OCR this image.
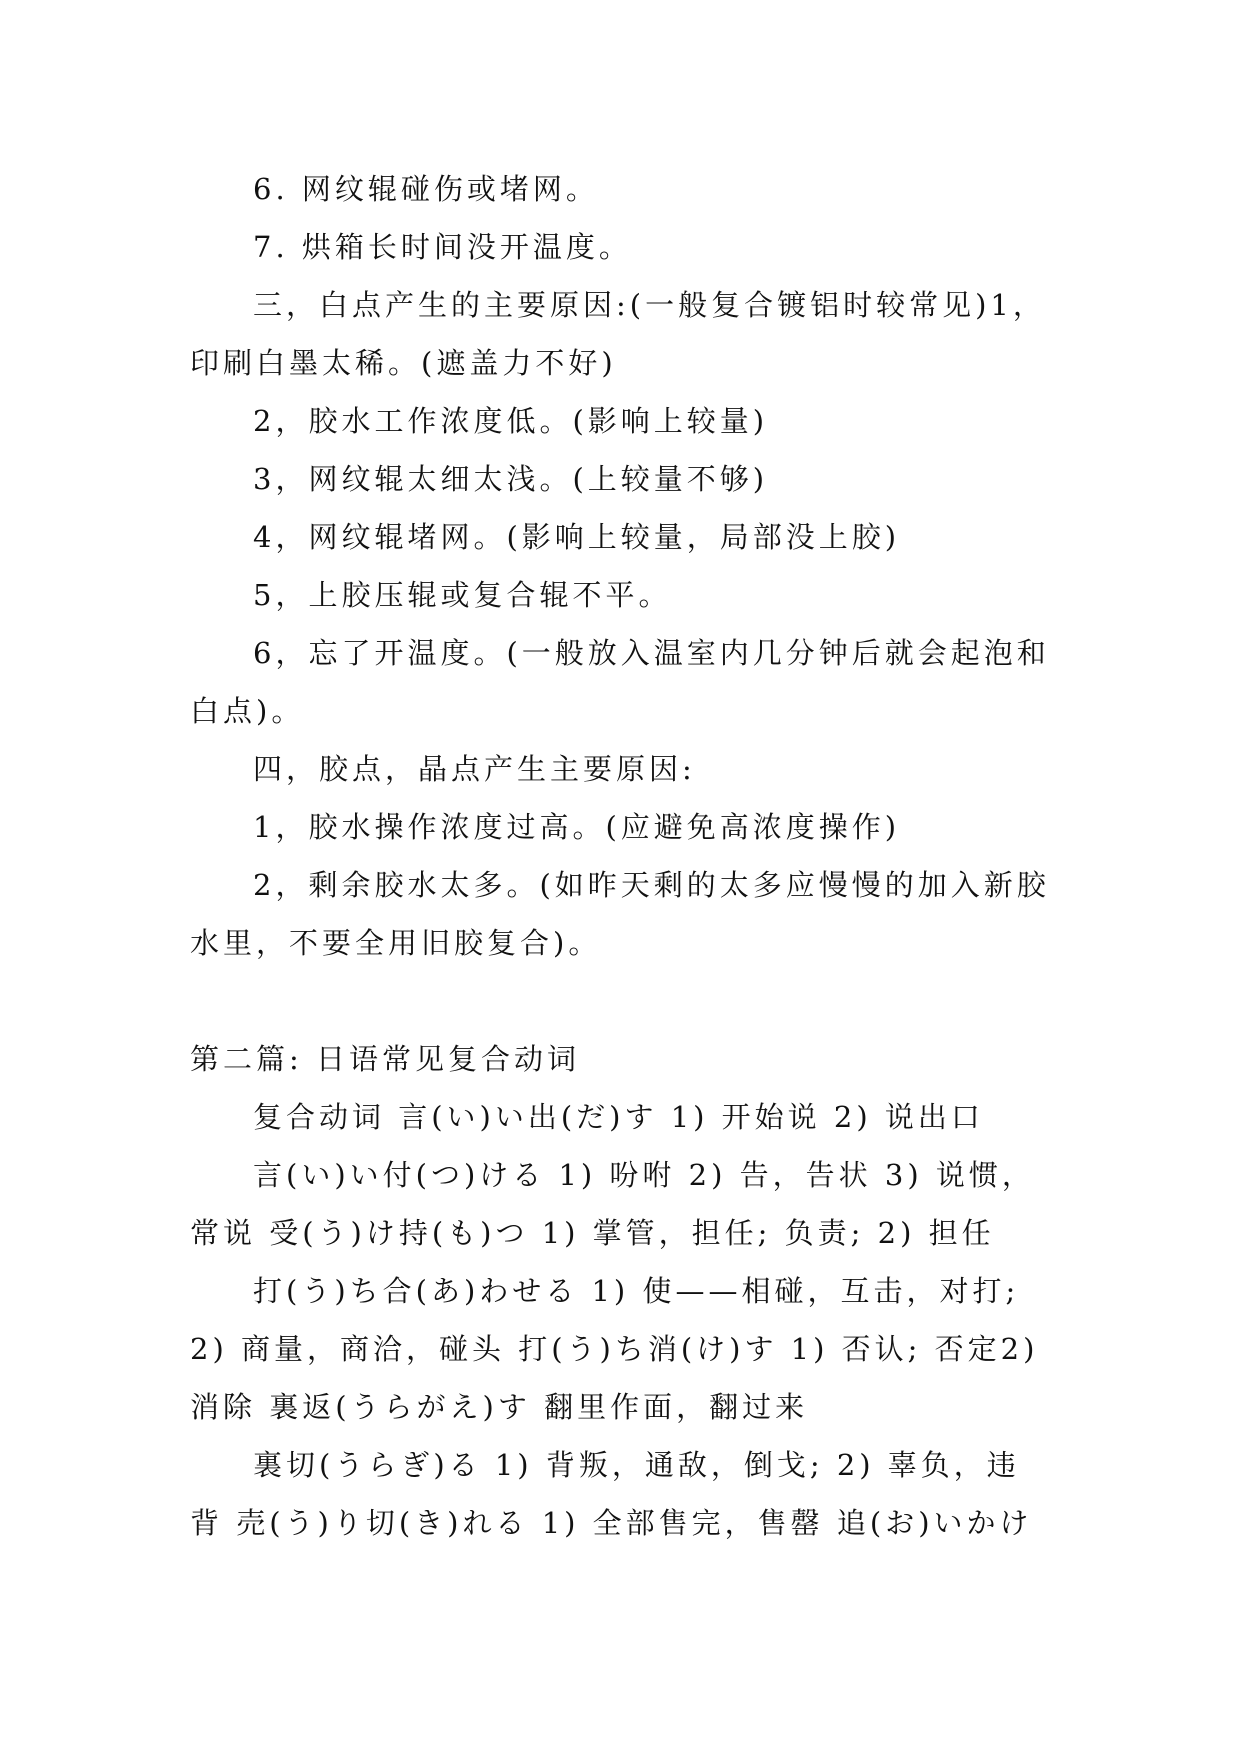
6. 网纹辊碰伤或堵网。
7. 烘箱长时间没开温度。
三，白点产生的主要原因:(一般复合镀铝时较常见)1，
印刷白墨太稀。(遮盖力不好)
2，胶水工作浓度低。(影响上较量)
3，网纹辊太细太浅。(上较量不够)
4，网纹辊堵网。(影响上较量，局部没上胶)
5，上胶压辊或复合辊不平。
6，忘了开温度。(一般放入温室内几分钟后就会起泡和
白点)。
四，胶点，晶点产生主要原因:
1，胶水操作浓度过高。(应避免高浓度操作)
2，剩余胶水太多。(如昨天剩的太多应慢慢的加入新胶
水里，不要全用旧胶复合)。
第二篇: 日语常见复合动词
复合动词 言(い)い出(だ)す 1) 开始说 2) 说出口
言(い)い付(つ)ける 1) 吩咐 2) 告，告状 3) 说惯，
常说 受(う)け持(も)つ 1) 掌管，担任; 负责; 2) 担任
打(う)ち合(あ)わせる 1) 使——相碰，互击，对打;
2) 商量，商洽，碰头 打(う)ち消(け)す 1) 否认; 否定2)
消除 裏返(うらがえ)す 翻里作面，翻过来
裏切(うらぎ)る 1) 背叛，通敌，倒戈; 2) 辜负，违
背 売(う)り切(き)れる 1) 全部售完，售罄 追(お)いかけ
